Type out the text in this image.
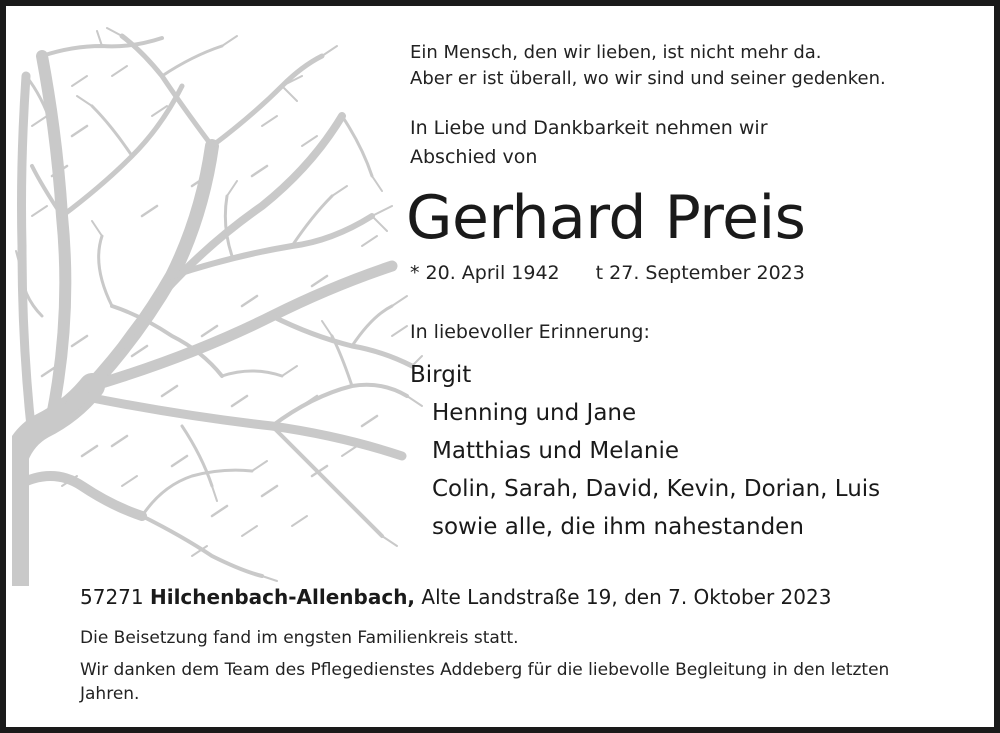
Ein Mensch, den wir lieben, ist nicht mehr da.
Aber er ist überall, wo wir sind und seiner gedenken.
In Liebe und Dankbarkeit nehmen wir
Abschied von
Gerhard Preis
* 20. April 1942 t 27. September 2023
In liebevoller Erinnerung:
Birgit
Henning und Jane
Matthias und Melanie
Colin, Sarah, David, Kevin, Dorian, Luis
sowie alle, die ihm nahestanden
57271 Hilchenbach-Allenbach, Alte Landstraße 19, den 7. Oktober 2023
Die Beisetzung fand im engsten Familienkreis statt.
Wir danken dem Team des Pflegedienstes Addeberg für die liebevolle Begleitung in den letzten Jahren.
